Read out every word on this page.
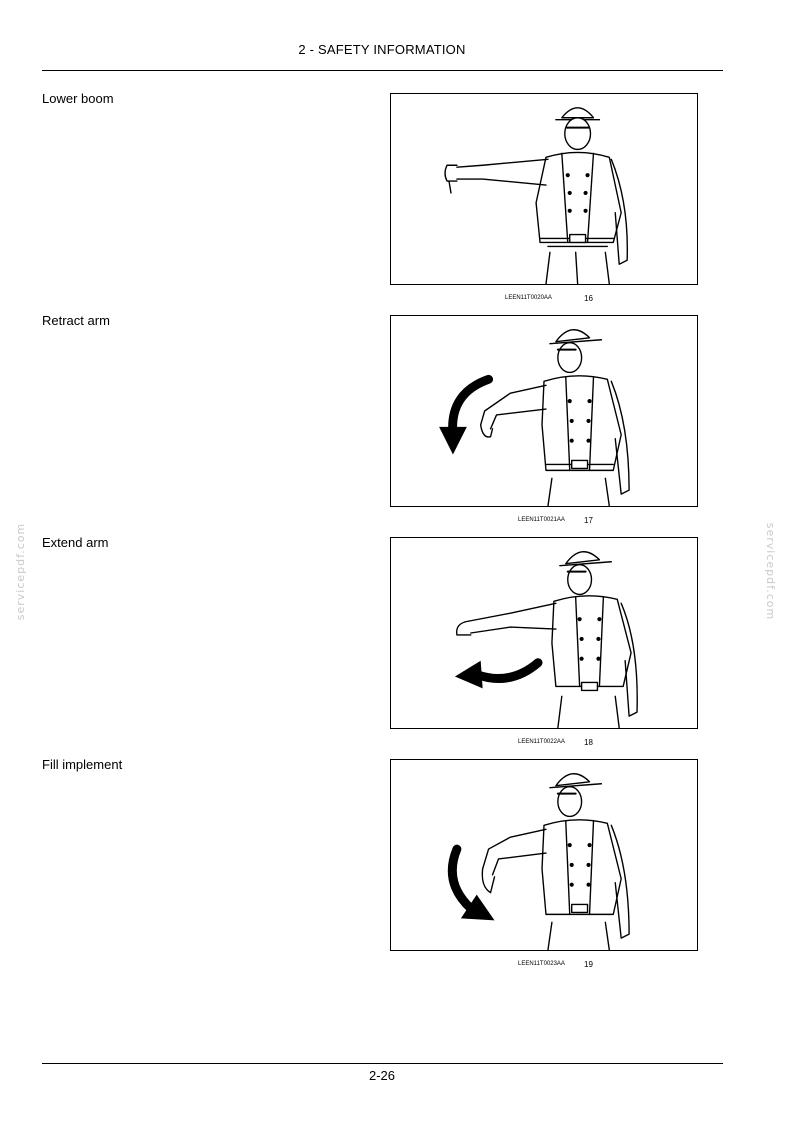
2 - SAFETY INFORMATION
servicepdf.com	servicepdf.com
Lower boom
LEEN11T0020AA	16
Retract arm
LEEN11T0021AA 17
Extend arm
LEEN11T0022AA 18
Fill implement
LEEN11T0023AA 19
2-26
